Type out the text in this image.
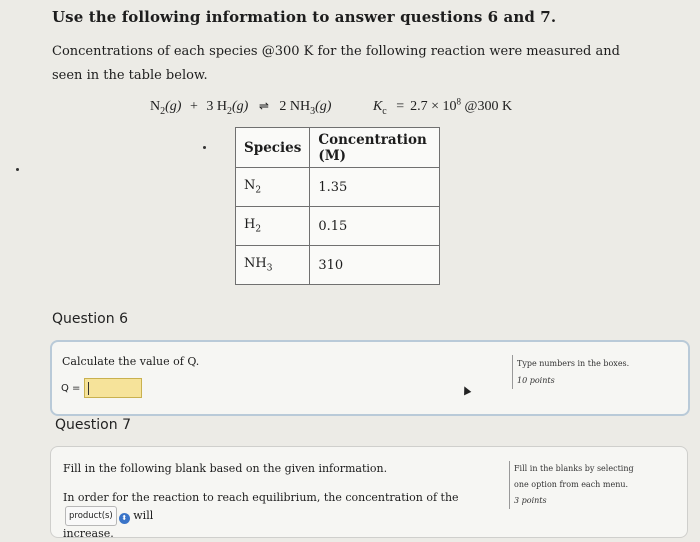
Use the following information to answer questions 6 and 7.
Concentrations of each species @300 K for the following reaction were measured and seen in the table below.
$N_2(g) + 3$ $H_2(g)$ ⇌ 2 $NH_3(g)$	$K_c = 2.7 \times 10^8$ @300 K
Species	Concentration (M)
$N_2$	1.35
$H_2$	0.15
$NH_3$	310
Question 6
Calculate the value of Q.
Q =
Type numbers in the boxes.
10 points
Question 7
Fill in the following blank based on the given information.
In order for the reaction to reach equilibrium, the concentration of the product(s) ⬍ will
increase.
Fill in the blanks by selecting
one option from each menu.
3 points
